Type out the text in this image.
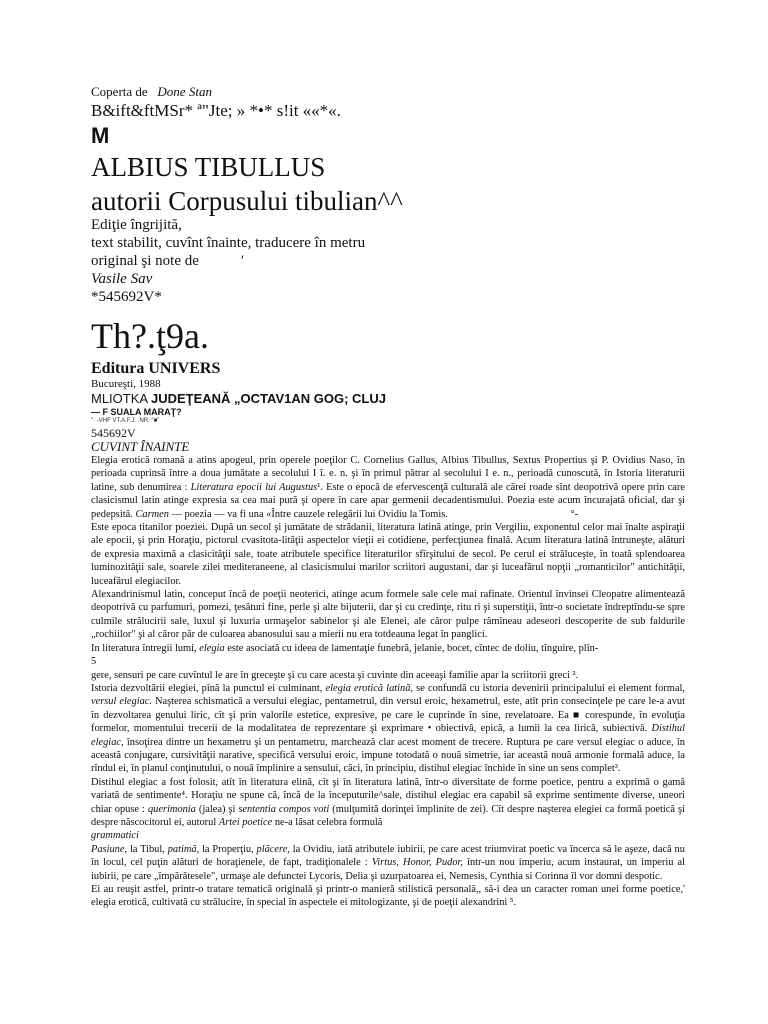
Coperta de Done Stan
B&ift&ftMSr* ª"Jte; » *•* s!it ««*«.
M
ALBIUS TIBULLUS
autorii Corpusului tibulian^^
Ediţie îngrijită,
text stabilit, cuvînt înainte, traducere în metru
original şi note de	′
Vasile Sav
*545692V*
Th?.ţ9a.
Editura UNIVERS
Bucureşti, 1988
MLIOTKA JUDEŢEANĂ „OCTAV1AN GOG; CLUJ
— F SUALA MARAŢ?
"· -VHF VT.A.F.J. .NR. "■"
545692V
CUVINT ÎNAINTE

Elegia erotică romană a atins apogeul, prin operele poeţilor C. Cornelius Gallus, Albius Tibullus, Sextus Propertius şi P. Ovidius Naso, în perioada cuprinsă între a doua jumătate a secolului I î. e. n. şi în primul pătrar al secolului I e. n., perioadă cunoscută, în Istoria literaturii latine, sub denumirea : Literatura epocii lui Augustus¹. Este o epocă de efervescenţă culturală ale cărei roade sînt deopotrivă opere prin care clasicismul latin atinge expresia sa cea mai pură şi opere în care apar germenii decadentismului. Poezia este acum încurajată oficial, dar şi pedepsită. Carmen — poezia — va fi una «Între cauzele relegării lui Ovidiu la Tomis.	°-

Este epoca titanilor poeziei. După un secol şi jumătate de strădanii, literatura latină atinge, prin Vergiliu, exponentul celor mai înalte aspiraţii ale epocii, şi prin Horaţiu, pictorul cvasitota-lităţii aspectelor vieţii ei cotidiene, perfecţiunea finală. Acum literatura latină întruneşte, alături de expresia maximă a clasicităţii sale, toate atributele specifice literaturilor sfîrşitului de secol. Pe cerul ei străluceşte, în toată splendoarea luminozităţii sale, soarele zilei mediteraneene, al clasicismului marilor scriitori augustani, dar şi luceafărul nopţii „romanticilor" antichităţii, luceafărul elegiacilor.

Alexandrinismul latin, conceput încă de poeţii neoterici, atinge acum formele sale cele mai rafinate. Orientul învinsei Cleopatre alimentează deopotrivă cu parfumuri, pomezi, ţesături fine, perle şi alte bijuterii, dar şi cu credinţe, ritu ri şi superstiţii, într-o societate îndreptîndu-se spre culmile strălucirii sale, luxul şi luxuria urmaşelor sabinelor şi ale Elenei, ale căror pulpe rămîneau adeseori descoperite de sub faldurile „rochiilor" şi al căror păr de culoarea abanosului sau a mierii nu era totdeauna legat în panglici.

In literatura întregii lumi, elegia este asociată cu ideea de lamentaţie funebră, jelanie, bocet, cîntec de doliu, tînguire, plîn-

5

gere, sensuri pe care cuvîntul le are în greceşte şi cu care acesta şi cuvinte din aceeaşi familie apar la scriitorii greci ².

Istoria dezvoltării elegiei, pînă la punctul ei culminant, elegia erotică latină, se confundă cu istoria devenirii principalului ei element formal, versul elegiac. Naşterea schismatică a versului elegiac, pentametrul, din versul eroic, hexametrul, este, atît prin consecinţele pe care le-a avut în dezvoltarea genului liric, cît şi prin valorile estetice, expresive, pe care le cuprinde în sine, revelatoare. Ea ■ corespunde, în evoluţia formelor, momentului trecerii de la modalitatea de reprezentare şi exprimare • obiectivă, epică, a lumii la cea lirică, subiectivă. Distihul elegiac, însoţirea dintre un hexametru şi un pentametru, marchează clar acest moment de trecere. Ruptura pe care versul elegiac o aduce, în această conjugare, cursivităţii narative, specifică versului eroic, impune totodată o nouă simetrie, iar această nouă armonie formală aduce, la rîndul ei, în planul conţinutului, o nouă împlinire a sensului, căci, în principiu, distihul elegiac închide în sine un sens complet³.

Distihul elegiac a fost folosit, atît în literatura elină, cît şi în literatura latină, într-o diversitate de forme poetice, pentru a exprimă o gamă variată de sentimente⁴. Horaţiu ne spune că, încă de la începuturile^sale, distihul elegiac era capabil să exprime sentimente diverse, uneori chiar opuse : querimonia (jalea) şi sententia compos voti (mulţumită dorinţei împlinite de zei). Cît despre naşterea elegiei ca formă poetică şi despre născocitorul ei, autorul Artei poetice ne-a lăsat celebra formulă
grammatici

Pasiune, la Tibul, patimă, la Properţiu, plăcere, la Ovidiu, iată atributele iubirii, pe care acest triumvirat poetic va încerca să le aşeze, dacă nu în locul, cel puţin alături de horaţienele, de fapt, tradiţionalele : Virtus, Honor, Pudor, într-un nou imperiu, acum instaurat, un imperiu al iubirii, pe care „împărătesele", urmaşe ale defunctei Lycoris, Delia şi uzurpatoarea ei, Nemesis, Cynthia si Corinna îl vor domni despotic.

Ei au reuşit astfel, printr-o tratare tematică originală şi printr-o manieră stilistică personală,, să-i dea un caracter roman unei forme poetice,' elegia erotică, cultivată cu strălucire, în special în aspectele ei mitologizante, şi de poeţii alexandrini ⁵.
